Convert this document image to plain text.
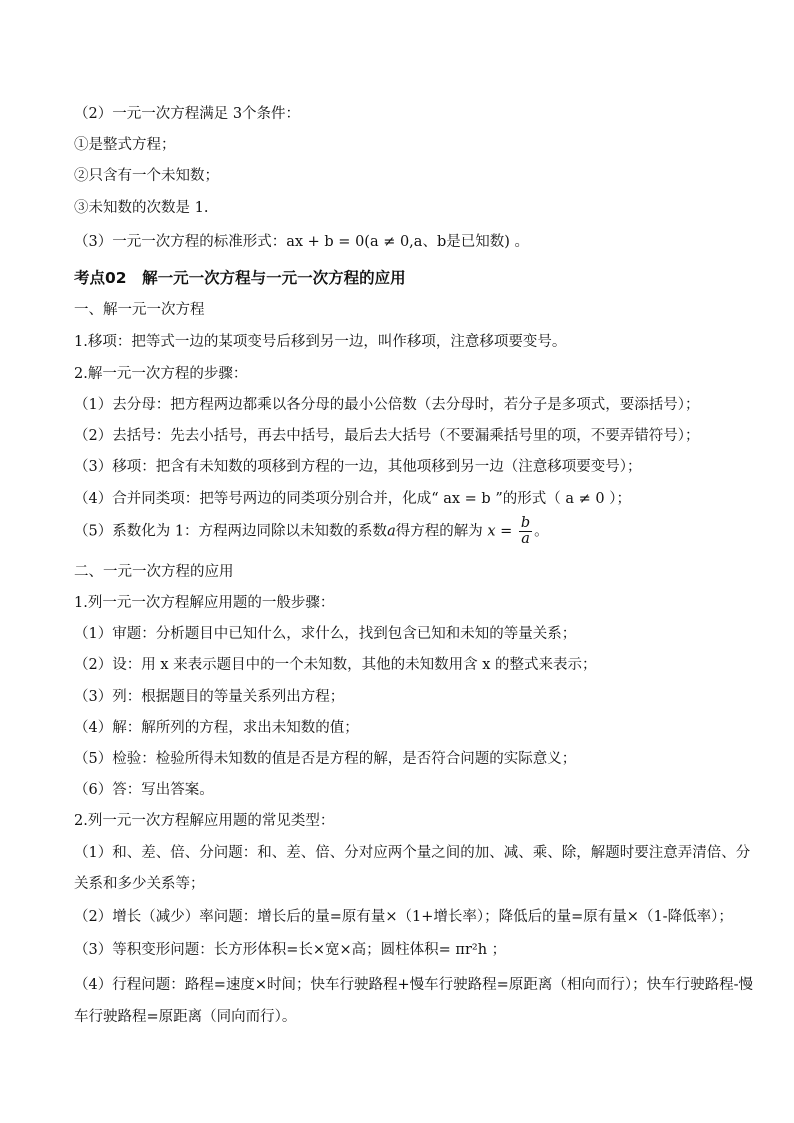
（2）一元一次方程满足 3个条件：
①是整式方程；
②只含有一个未知数；
③未知数的次数是 1.
（3）一元一次方程的标准形式：ax + b = 0(a ≠ 0,a、b是已知数) 。
考点02　解一元一次方程与一元一次方程的应用
一、解一元一次方程
1.移项：把等式一边的某项变号后移到另一边，叫作移项，注意移项要变号。
2.解一元一次方程的步骤：
（1）去分母：把方程两边都乘以各分母的最小公倍数（去分母时，若分子是多项式，要添括号）；
（2）去括号：先去小括号，再去中括号，最后去大括号（不要漏乘括号里的项，不要弄错符号）；
（3）移项：把含有未知数的项移到方程的一边，其他项移到另一边（注意移项要变号）；
（4）合并同类项：把等号两边的同类项分别合并，化成“ ax = b ”的形式（ a ≠ 0 ）；
（5）系数化为 1：方程两边同除以未知数的系数a得方程的解为 $x = \frac{b}{a}$ 。
二、一元一次方程的应用
1.列一元一次方程解应用题的一般步骤：
（1）审题：分析题目中已知什么，求什么，找到包含已知和未知的等量关系；
（2）设：用 x 来表示题目中的一个未知数，其他的未知数用含 x 的整式来表示；
（3）列：根据题目的等量关系列出方程；
（4）解：解所列的方程，求出未知数的值；
（5）检验：检验所得未知数的值是否是方程的解，是否符合问题的实际意义；
（6）答：写出答案。
2.列一元一次方程解应用题的常见类型：
（1）和、差、倍、分问题：和、差、倍、分对应两个量之间的加、减、乘、除，解题时要注意弄清倍、分
关系和多少关系等；
（2）增长（减少）率问题：增长后的量=原有量×（1+增长率）；降低后的量=原有量×（1-降低率）；
（3）等积变形问题：长方形体积=长×宽×高；圆柱体积= πr²h ；
（4）行程问题：路程=速度×时间；快车行驶路程+慢车行驶路程=原距离（相向而行）；快车行驶路程-慢
车行驶路程=原距离（同向而行）。
